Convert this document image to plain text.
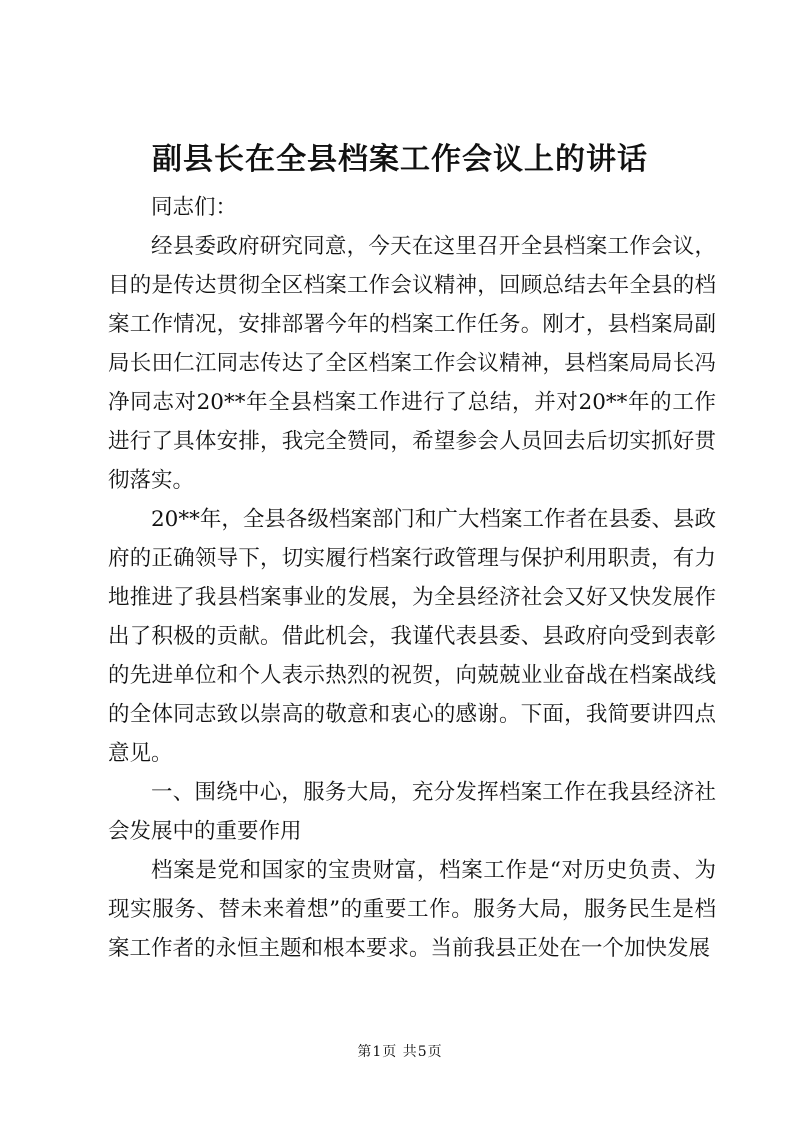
副县长在全县档案工作会议上的讲话

同志们：

经县委政府研究同意，今天在这里召开全县档案工作会议，目的是传达贯彻全区档案工作会议精神，回顾总结去年全县的档案工作情况，安排部署今年的档案工作任务。刚才，县档案局副局长田仁江同志传达了全区档案工作会议精神，县档案局局长冯净同志对20**年全县档案工作进行了总结，并对20**年的工作进行了具体安排，我完全赞同，希望参会人员回去后切实抓好贯彻落实。

20**年，全县各级档案部门和广大档案工作者在县委、县政府的正确领导下，切实履行档案行政管理与保护利用职责，有力地推进了我县档案事业的发展，为全县经济社会又好又快发展作出了积极的贡献。借此机会，我谨代表县委、县政府向受到表彰的先进单位和个人表示热烈的祝贺，向兢兢业业奋战在档案战线的全体同志致以崇高的敬意和衷心的感谢。下面，我简要讲四点意见。

一、围绕中心，服务大局，充分发挥档案工作在我县经济社会发展中的重要作用

档案是党和国家的宝贵财富，档案工作是“对历史负责、为现实服务、替未来着想”的重要工作。服务大局，服务民生是档案工作者的永恒主题和根本要求。当前我县正处在一个加快发展

第1页 共5页
